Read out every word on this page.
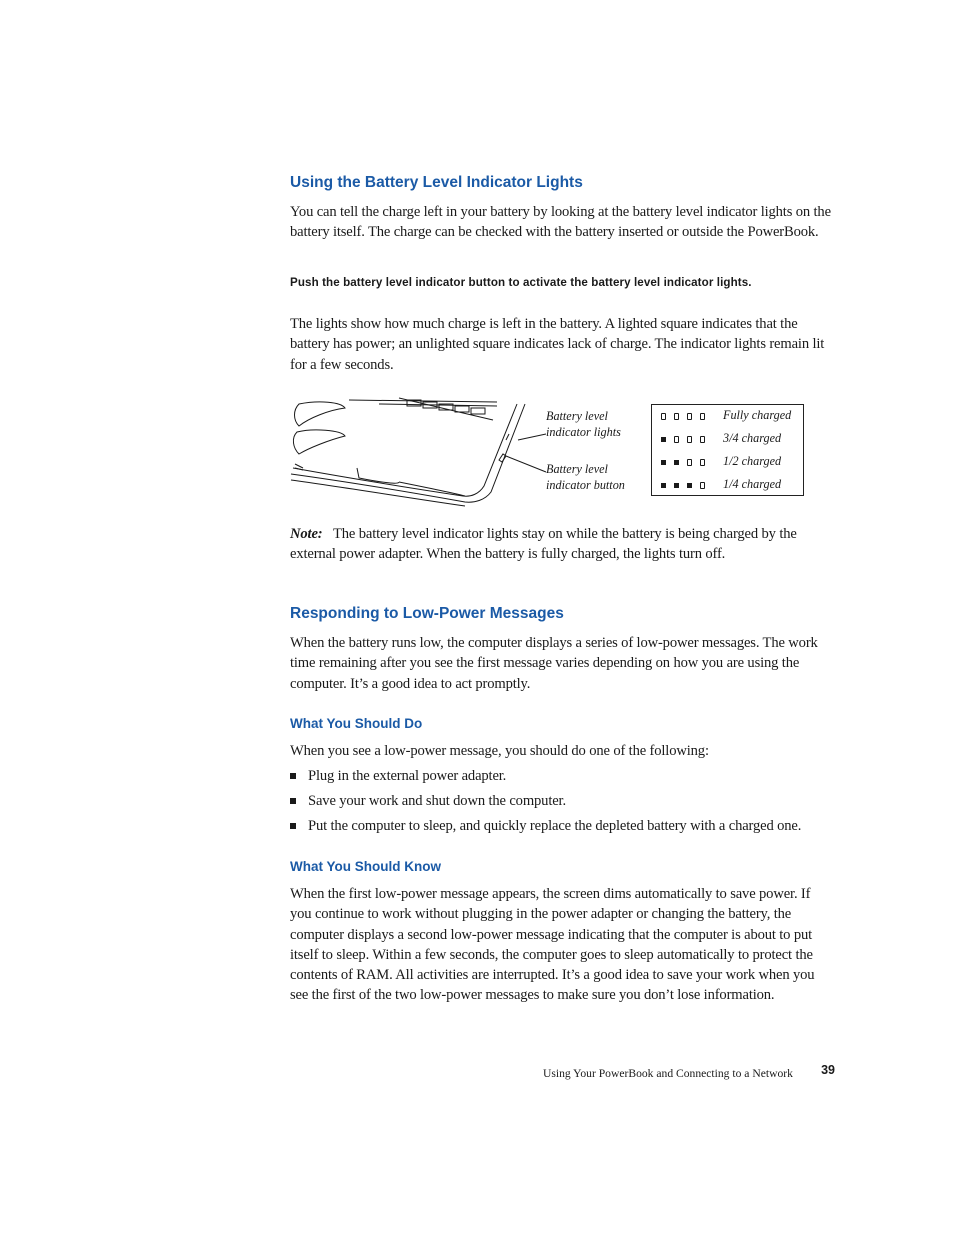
Using the Battery Level Indicator Lights

You can tell the charge left in your battery by looking at the battery level indicator lights on the battery itself. The charge can be checked with the battery inserted or outside the PowerBook.

Push the battery level indicator button to activate the battery level indicator lights.

The lights show how much charge is left in the battery. A lighted square indicates that the battery has power; an unlighted square indicates lack of charge. The indicator lights remain lit for a few seconds.

Battery level
indicator lights
Battery level
indicator button
Fully charged
3/4 charged
1/2 charged
1/4 charged

Note: The battery level indicator lights stay on while the battery is being charged by the external power adapter. When the battery is fully charged, the lights turn off.

Responding to Low-Power Messages

When the battery runs low, the computer displays a series of low-power messages. The work time remaining after you see the first message varies depending on how you are using the computer. It’s a good idea to act promptly.

What You Should Do

When you see a low-power message, you should do one of the following:

Plug in the external power adapter.
Save your work and shut down the computer.
Put the computer to sleep, and quickly replace the depleted battery with a charged one.
What You Should Know

When the first low-power message appears, the screen dims automatically to save power. If you continue to work without plugging in the power adapter or changing the battery, the computer displays a second low-power message indicating that the computer is about to put itself to sleep. Within a few seconds, the computer goes to sleep automatically to protect the contents of RAM. All activities are interrupted. It’s a good idea to save your work when you see the first of the two low-power messages to make sure you don’t lose information.

Using Your PowerBook and Connecting to a Network 39
